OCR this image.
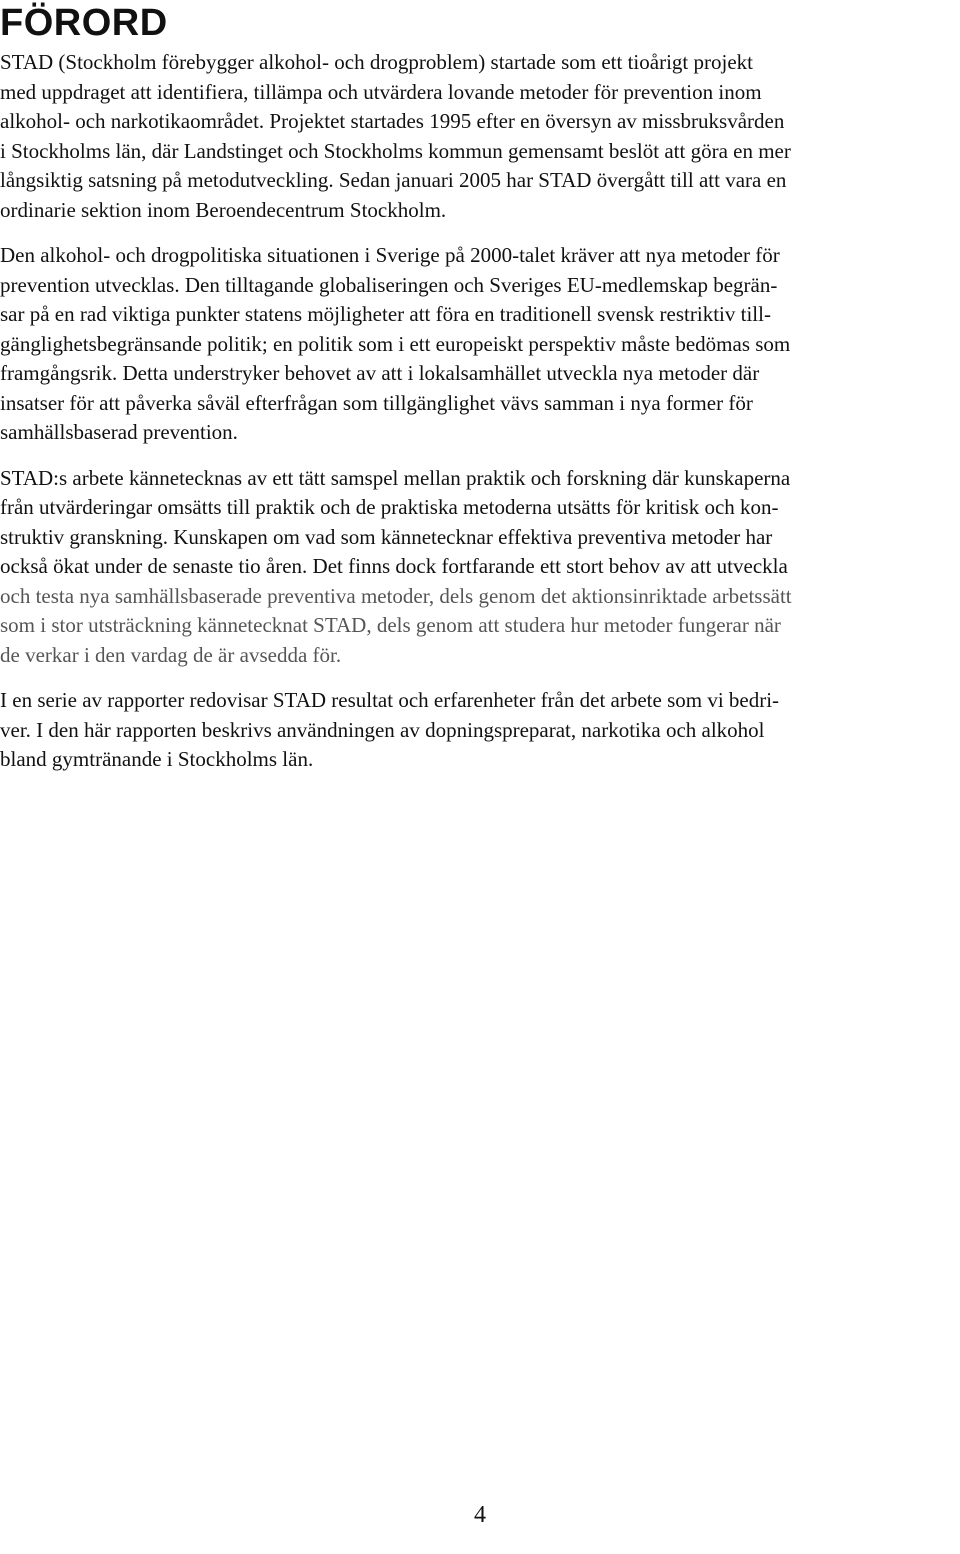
FÖRORD

STAD (Stockholm förebygger alkohol- och drogproblem) startade som ett tioårigt projekt
med uppdraget att identifiera, tillämpa och utvärdera lovande metoder för prevention inom
alkohol- och narkotikaområdet. Projektet startades 1995 efter en översyn av missbruksvården
i Stockholms län, där Landstinget och Stockholms kommun gemensamt beslöt att göra en mer
långsiktig satsning på metodutveckling. Sedan januari 2005 har STAD övergått till att vara en
ordinarie sektion inom Beroendecentrum Stockholm.

Den alkohol- och drogpolitiska situationen i Sverige på 2000-talet kräver att nya metoder för
prevention utvecklas. Den tilltagande globaliseringen och Sveriges EU-medlemskap begrän-
sar på en rad viktiga punkter statens möjligheter att föra en traditionell svensk restriktiv till-
gänglighetsbegränsande politik; en politik som i ett europeiskt perspektiv måste bedömas som
framgångsrik. Detta understryker behovet av att i lokalsamhället utveckla nya metoder där
insatser för att påverka såväl efterfrågan som tillgänglighet vävs samman i nya former för
samhällsbaserad prevention.

STAD:s arbete kännetecknas av ett tätt samspel mellan praktik och forskning där kunskaperna
från utvärderingar omsätts till praktik och de praktiska metoderna utsätts för kritisk och kon-
struktiv granskning. Kunskapen om vad som kännetecknar effektiva preventiva metoder har
också ökat under de senaste tio åren. Det finns dock fortfarande ett stort behov av att utveckla
och testa nya samhällsbaserade preventiva metoder, dels genom det aktionsinriktade arbetssätt
som i stor utsträckning kännetecknat STAD, dels genom att studera hur metoder fungerar när
de verkar i den vardag de är avsedda för.

I en serie av rapporter redovisar STAD resultat och erfarenheter från det arbete som vi bedri-
ver. I den här rapporten beskrivs användningen av dopningspreparat, narkotika och alkohol
bland gymtränande i Stockholms län.

4
